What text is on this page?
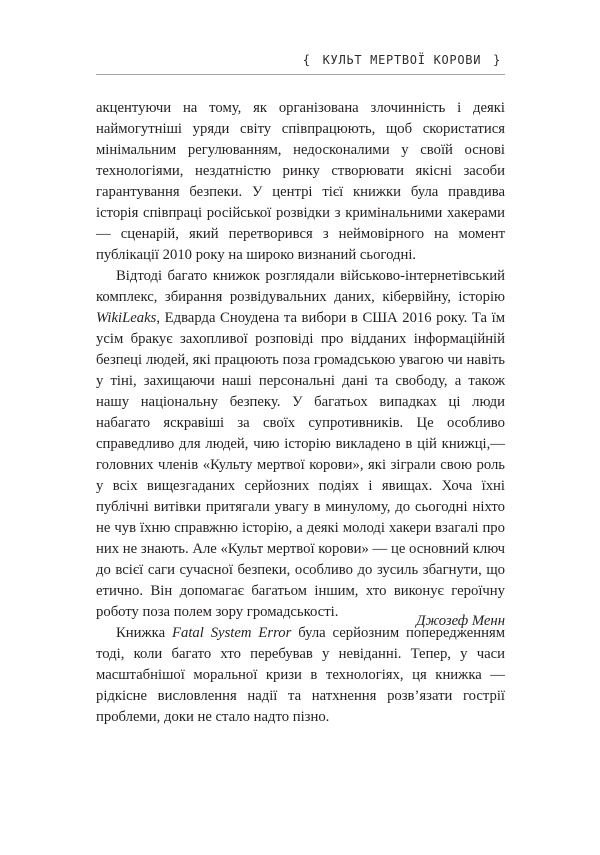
{ КУЛЬТ МЕРТВОЇ КОРОВИ }

акцентуючи на тому, як організована злочинність і деякі наймогутніші уряди світу співпрацюють, щоб скористатися мінімальним регулюванням, недосконалими у своїй основі технологіями, нездатністю ринку створювати якісні засоби гарантування безпеки. У центрі тієї книжки була правдива історія співпраці російської розвідки з кримінальними хакерами — сценарій, який перетворився з неймовірного на момент публікації 2010 року на широко визнаний сьогодні.

Відтоді багато книжок розглядали військово-інтернетівський комплекс, збирання розвідувальних даних, кібервійну, історію WikiLeaks, Едварда Сноудена та вибори в США 2016 року. Та їм усім бракує захопливої розповіді про відданих інформаційній безпеці людей, які працюють поза громадською увагою чи навіть у тіні, захищаючи наші персональні дані та свободу, а також нашу національну безпеку. У багатьох випадках ці люди набагато яскравіші за своїх супротивників. Це особливо справедливо для людей, чию історію викладено в цій книжці,— головних членів «Культу мертвої корови», які зіграли свою роль у всіх вищезгаданих серйозних подіях і явищах. Хоча їхні публічні витівки притягали увагу в минулому, до сьогодні ніхто не чув їхню справжню історію, а деякі молоді хакери взагалі про них не знають. Але «Культ мертвої корови» — це основний ключ до всієї саги сучасної безпеки, особливо до зусиль збагнути, що етично. Він допомагає багатьом іншим, хто виконує героїчну роботу поза полем зору громадськості.

Книжка Fatal System Error була серйозним попередженням тоді, коли багато хто перебував у невіданні. Тепер, у часи масштабнішої моральної кризи в технологіях, ця книжка — рідкісне висловлення надії та натхнення розв’язати гострії проблеми, доки не стало надто пізно.

Джозеф Менн
